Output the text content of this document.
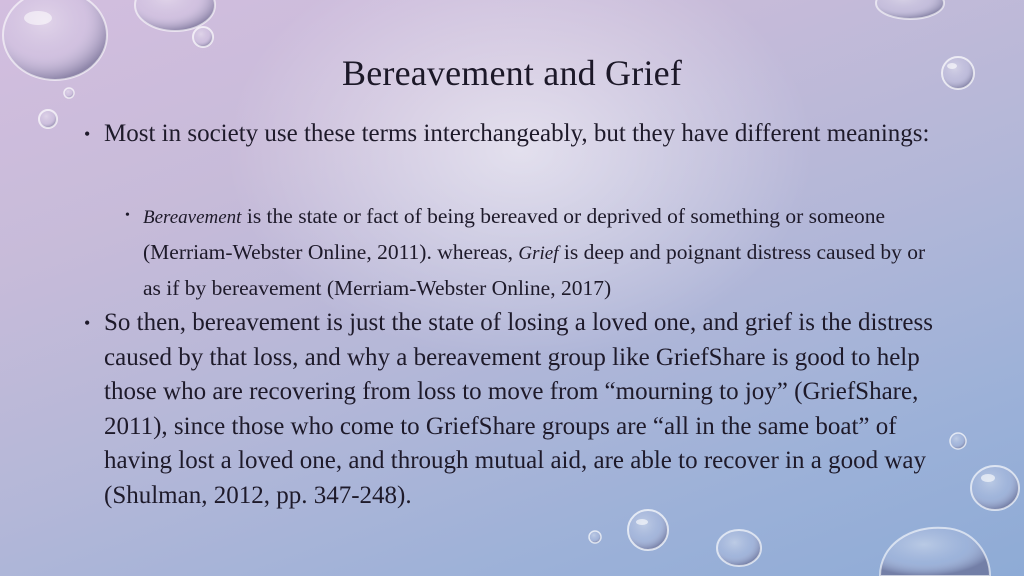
Bereavement and Grief
• Most in society use these terms interchangeably, but they have different meanings:
• Bereavement is the state or fact of being bereaved or deprived of something or someone (Merriam-Webster Online, 2011). whereas, Grief is deep and poignant distress caused by or as if by bereavement (Merriam-Webster Online, 2017)
• So then, bereavement is just the state of losing a loved one, and grief is the distress caused by that loss, and why a bereavement group like GriefShare is good to help those who are recovering from loss to move from “mourning to joy” (GriefShare, 2011), since those who come to GriefShare groups are “all in the same boat” of having lost a loved one, and through mutual aid, are able to recover in a good way (Shulman, 2012, pp. 347-248).
